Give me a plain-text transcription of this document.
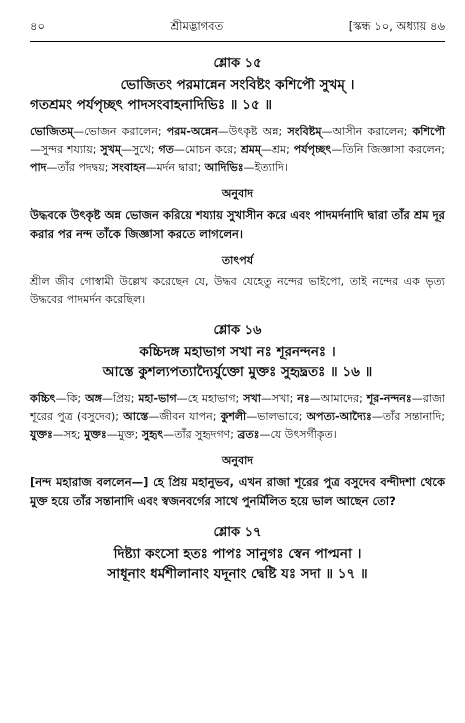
৪০	শ্রীমদ্ভাগবত	[স্কন্ধ ১০, অধ্যায় ৪৬
শ্লোক ১৫
ভোজিতং পরমান্নেন সংবিষ্টং কশিপৌ সুখম্ ।
গতশ্রমং পর্যপৃচ্ছৎ পাদসংবাহনাদিভিঃ ॥ ১৫ ॥
ভোজিতম্—ভোজন করালেন; পরম-অন্নেন—উৎকৃষ্ট অন্ন; সংবিষ্টম্—আসীন করালেন; কশিপৌ—সুন্দর শয্যায়; সুখম্—সুখে; গত—মোচন করে; শ্রমম্—শ্রম; পর্যপৃচ্ছৎ—তিনি জিজ্ঞাসা করলেন; পাদ—তাঁর পদদ্বয়; সংবাহন—মর্দন দ্বারা; আদিভিঃ—ইত্যাদি।
অনুবাদ
উদ্ধবকে উৎকৃষ্ট অন্ন ভোজন করিয়ে শয্যায় সুখাসীন করে এবং পাদমর্দনাদি দ্বারা তাঁর শ্রম দূর করার পর নন্দ তাঁকে জিজ্ঞাসা করতে লাগলেন।
তাৎপর্য
শ্রীল জীব গোস্বামী উল্লেখ করেছেন যে, উদ্ধব যেহেতু নন্দের ভাইপো, তাই নন্দের এক ভৃত্য উদ্ধবের পাদমর্দন করেছিল।
শ্লোক ১৬
কচ্চিদঙ্গ মহাভাগ সখা নঃ শূরনন্দনঃ ।
আস্তে কুশল্যপত্যাদ্যৈর্যুক্তো মুক্তঃ সুহৃদ্ব্রতঃ ॥ ১৬ ॥
কচ্চিৎ—কি; অঙ্গ—প্রিয়; মহা-ভাগ—হে মহাভাগ; সখা—সখা; নঃ—আমাদের; শূর-নন্দনঃ—রাজা শূরের পুত্র (বসুদেব); আস্তে—জীবন যাপন; কুশলী—ভালভাবে; অপত্য-আদ্যৈঃ—তাঁর সন্তানাদি; যুক্তঃ—সহ; মুক্তঃ—মুক্ত; সুহৃৎ—তাঁর সুহৃদগণ; ব্রতঃ—যে উৎসর্গীকৃত।
অনুবাদ
[নন্দ মহারাজ বললেন—] হে প্রিয় মহানুভব, এখন রাজা শূরের পুত্র বসুদেব বন্দীদশা থেকে মুক্ত হয়ে তাঁর সন্তানাদি এবং স্বজনবর্গের সাথে পুনর্মিলিত হয়ে ভাল আছেন তো?
শ্লোক ১৭
দিষ্ট্যা কংসো হতঃ পাপঃ সানুগঃ স্বেন পাপ্মনা ।
সাধূনাং ধর্মশীলানাং যদূনাং দ্বেষ্টি যঃ সদা ॥ ১৭ ॥
